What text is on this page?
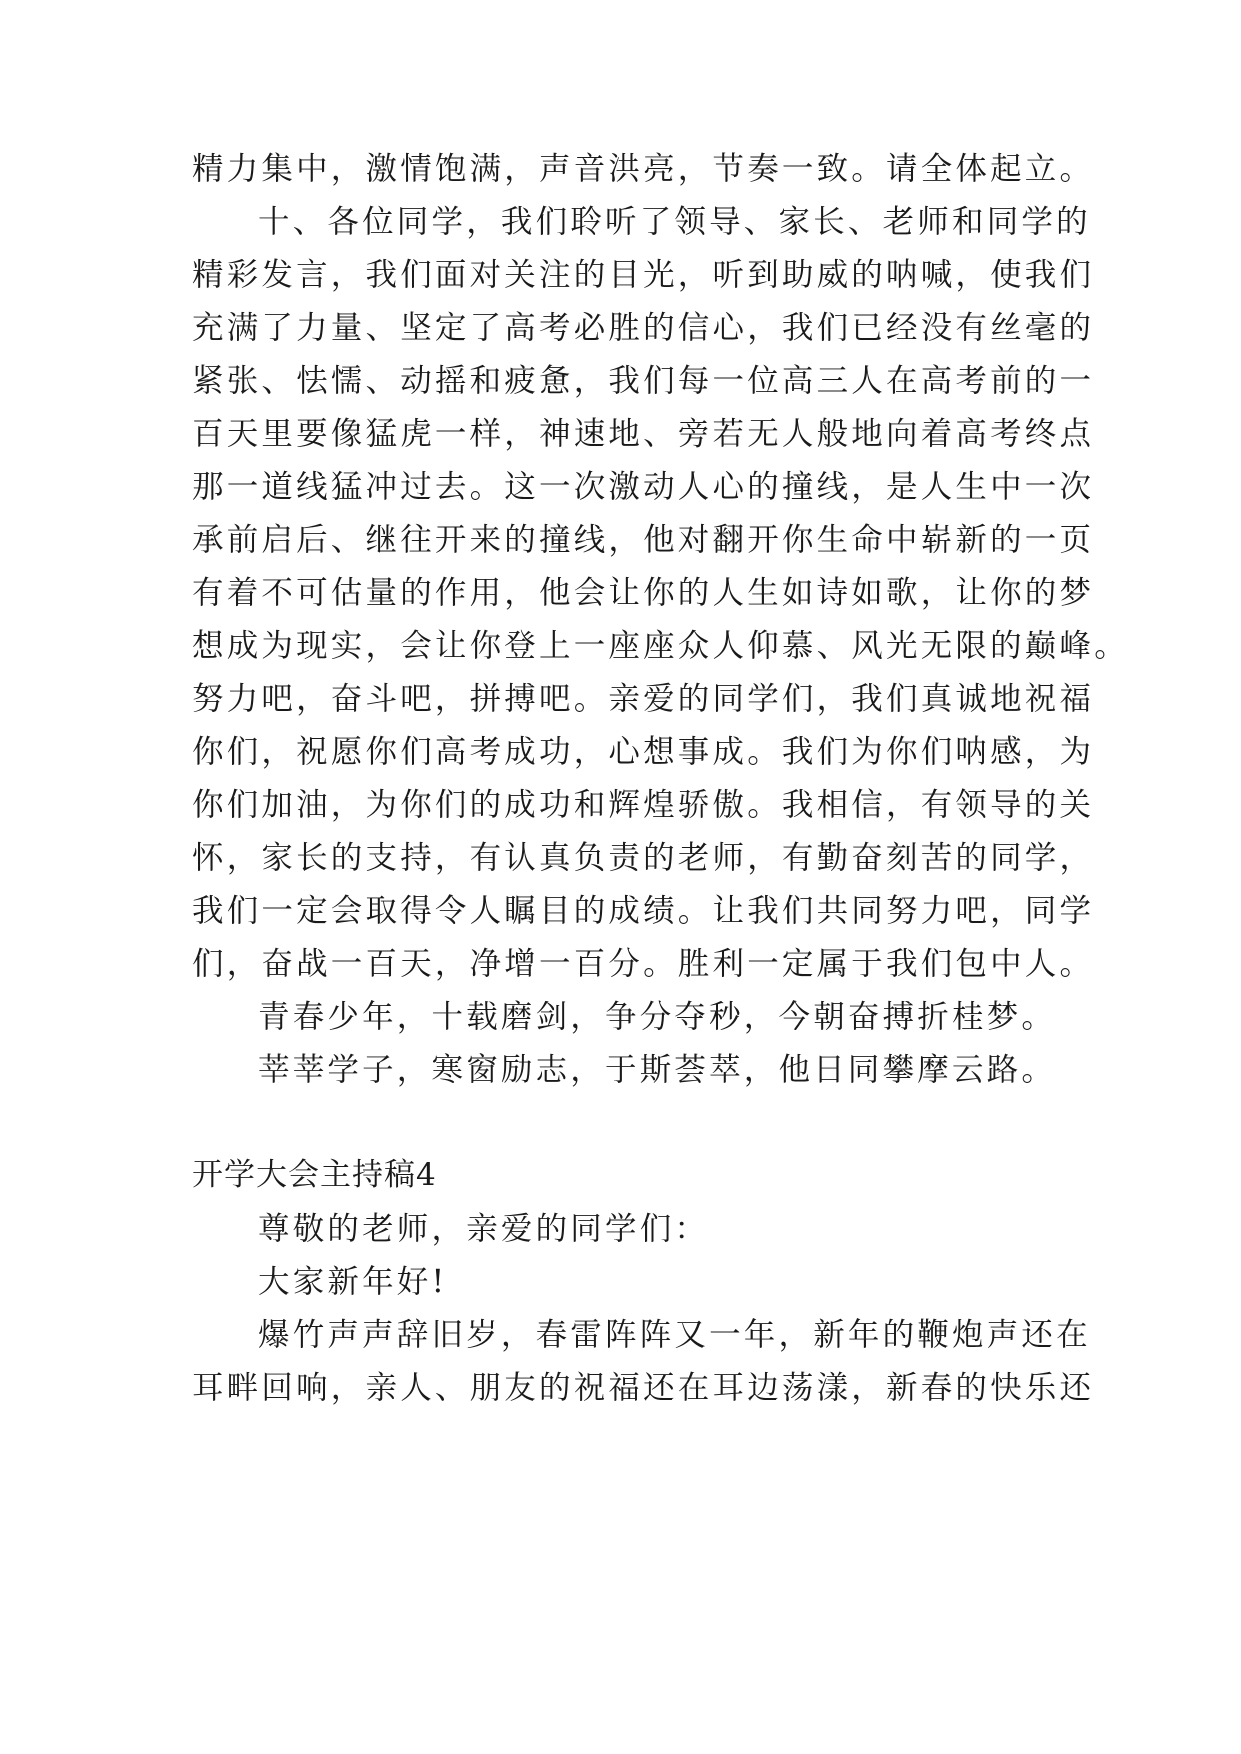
精力集中，激情饱满，声音洪亮，节奏一致。请全体起立。
十、各位同学，我们聆听了领导、家长、老师和同学的
精彩发言，我们面对关注的目光，听到助威的呐喊，使我们
充满了力量、坚定了高考必胜的信心，我们已经没有丝毫的
紧张、怯懦、动摇和疲惫，我们每一位高三人在高考前的一
百天里要像猛虎一样，神速地、旁若无人般地向着高考终点
那一道线猛冲过去。这一次激动人心的撞线，是人生中一次
承前启后、继往开来的撞线，他对翻开你生命中崭新的一页
有着不可估量的作用，他会让你的人生如诗如歌，让你的梦
想成为现实，会让你登上一座座众人仰慕、风光无限的巅峰。
努力吧，奋斗吧，拼搏吧。亲爱的同学们，我们真诚地祝福
你们，祝愿你们高考成功，心想事成。我们为你们呐感，为
你们加油，为你们的成功和辉煌骄傲。我相信，有领导的关
怀，家长的支持，有认真负责的老师，有勤奋刻苦的同学，
我们一定会取得令人瞩目的成绩。让我们共同努力吧，同学
们，奋战一百天，净增一百分。胜利一定属于我们包中人。
青春少年，十载磨剑，争分夺秒，今朝奋搏折桂梦。
莘莘学子，寒窗励志，于斯荟萃，他日同攀摩云路。
开学大会主持稿4
尊敬的老师，亲爱的同学们：
大家新年好!
爆竹声声辞旧岁，春雷阵阵又一年，新年的鞭炮声还在
耳畔回响，亲人、朋友的祝福还在耳边荡漾，新春的快乐还
